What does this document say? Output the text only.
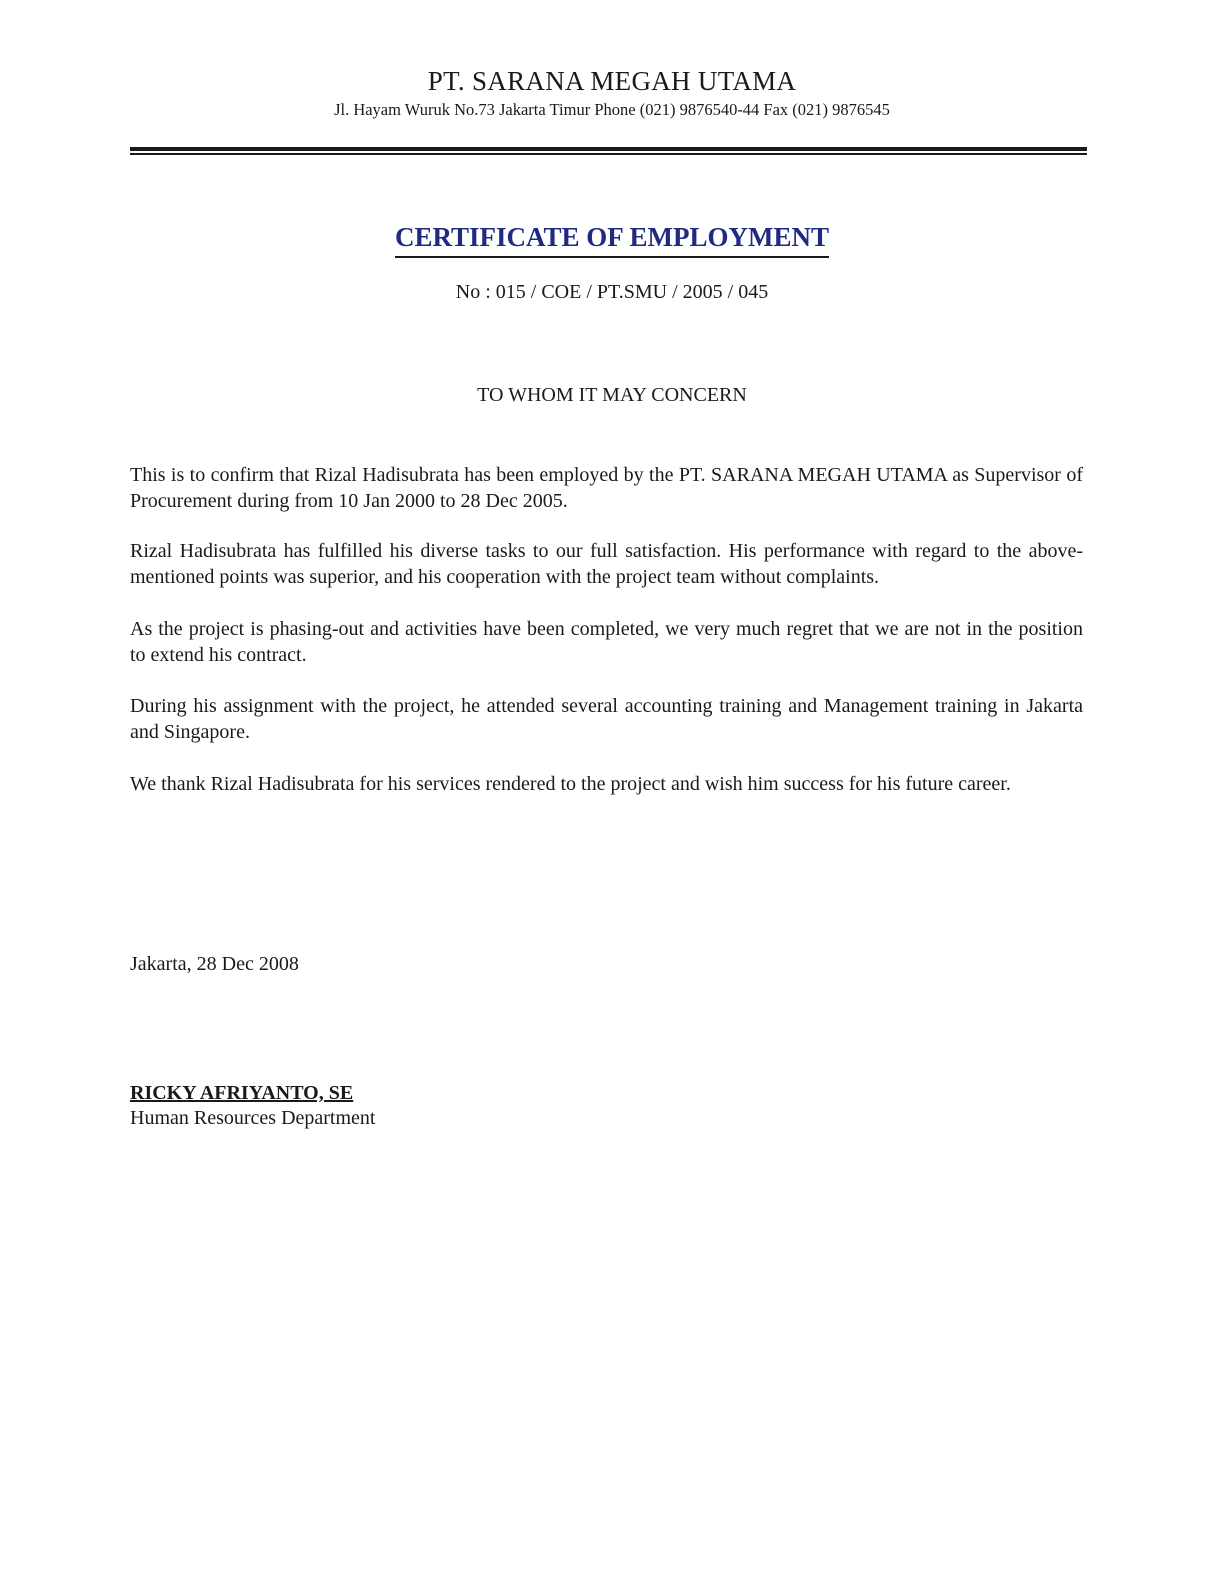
PT. SARANA MEGAH UTAMA
Jl. Hayam Wuruk No.73 Jakarta Timur Phone (021) 9876540-44 Fax (021) 9876545
CERTIFICATE OF EMPLOYMENT
No : 015 / COE / PT.SMU / 2005 / 045
TO WHOM IT MAY CONCERN

This is to confirm that Rizal Hadisubrata has been employed by the PT. SARANA MEGAH UTAMA as Supervisor of Procurement during from 10 Jan 2000 to 28 Dec 2005.

Rizal Hadisubrata has fulfilled his diverse tasks to our full satisfaction. His performance with regard to the above-mentioned points was superior, and his cooperation with the project team without complaints.

As the project is phasing-out and activities have been completed, we very much regret that we are not in the position to extend his contract.

During his assignment with the project, he attended several accounting training and Management training in Jakarta and Singapore.

We thank Rizal Hadisubrata for his services rendered to the project and wish him success for his future career.

Jakarta, 28 Dec 2008
RICKY AFRIYANTO, SE
Human Resources Department
